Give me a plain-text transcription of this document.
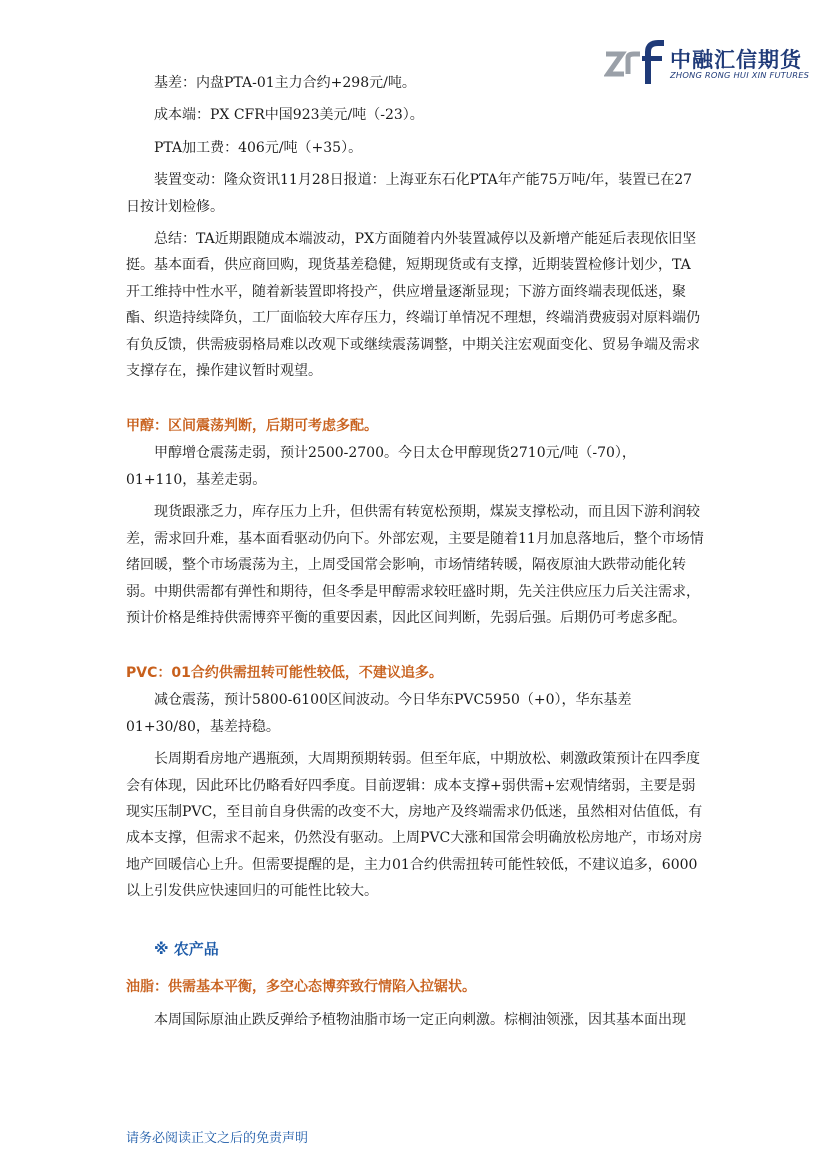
中融汇信期货
ZHONG RONG HUI XIN FUTURES

基差：内盘PTA-01主力合约+298元/吨。

成本端：PX CFR中国923美元/吨（-23）。

PTA加工费：406元/吨（+35）。

装置变动：隆众资讯11月28日报道：上海亚东石化PTA年产能75万吨/年，装置已在27日按计划检修。

总结：TA近期跟随成本端波动，PX方面随着内外装置减停以及新增产能延后表现依旧坚挺。基本面看，供应商回购，现货基差稳健，短期现货或有支撑，近期装置检修计划少，TA开工维持中性水平，随着新装置即将投产，供应增量逐渐显现；下游方面终端表现低迷，聚酯、织造持续降负，工厂面临较大库存压力，终端订单情况不理想，终端消费疲弱对原料端仍有负反馈，供需疲弱格局难以改观下或继续震荡调整，中期关注宏观面变化、贸易争端及需求支撑存在，操作建议暂时观望。

甲醇：区间震荡判断，后期可考虑多配。

甲醇增仓震荡走弱，预计2500-2700。今日太仓甲醇现货2710元/吨（-70），01+110，基差走弱。

现货跟涨乏力，库存压力上升，但供需有转宽松预期，煤炭支撑松动，而且因下游利润较差，需求回升难，基本面看驱动仍向下。外部宏观，主要是随着11月加息落地后，整个市场情绪回暖，整个市场震荡为主，上周受国常会影响，市场情绪转暖，隔夜原油大跌带动能化转弱。中期供需都有弹性和期待，但冬季是甲醇需求较旺盛时期，先关注供应压力后关注需求，预计价格是维持供需博弈平衡的重要因素，因此区间判断，先弱后强。后期仍可考虑多配。

PVC：01合约供需扭转可能性较低，不建议追多。

减仓震荡，预计5800-6100区间波动。今日华东PVC5950（+0），华东基差01+30/80，基差持稳。

长周期看房地产遇瓶颈，大周期预期转弱。但至年底，中期放松、刺激政策预计在四季度会有体现，因此环比仍略看好四季度。目前逻辑：成本支撑+弱供需+宏观情绪弱，主要是弱现实压制PVC，至目前自身供需的改变不大，房地产及终端需求仍低迷，虽然相对估值低，有成本支撑，但需求不起来，仍然没有驱动。上周PVC大涨和国常会明确放松房地产，市场对房地产回暖信心上升。但需要提醒的是，主力01合约供需扭转可能性较低，不建议追多，6000以上引发供应快速回归的可能性比较大。

※ 农产品
油脂：供需基本平衡，多空心态博弈致行情陷入拉锯状。

本周国际原油止跌反弹给予植物油脂市场一定正向刺激。棕榈油领涨，因其基本面出现

请务必阅读正文之后的免责声明
